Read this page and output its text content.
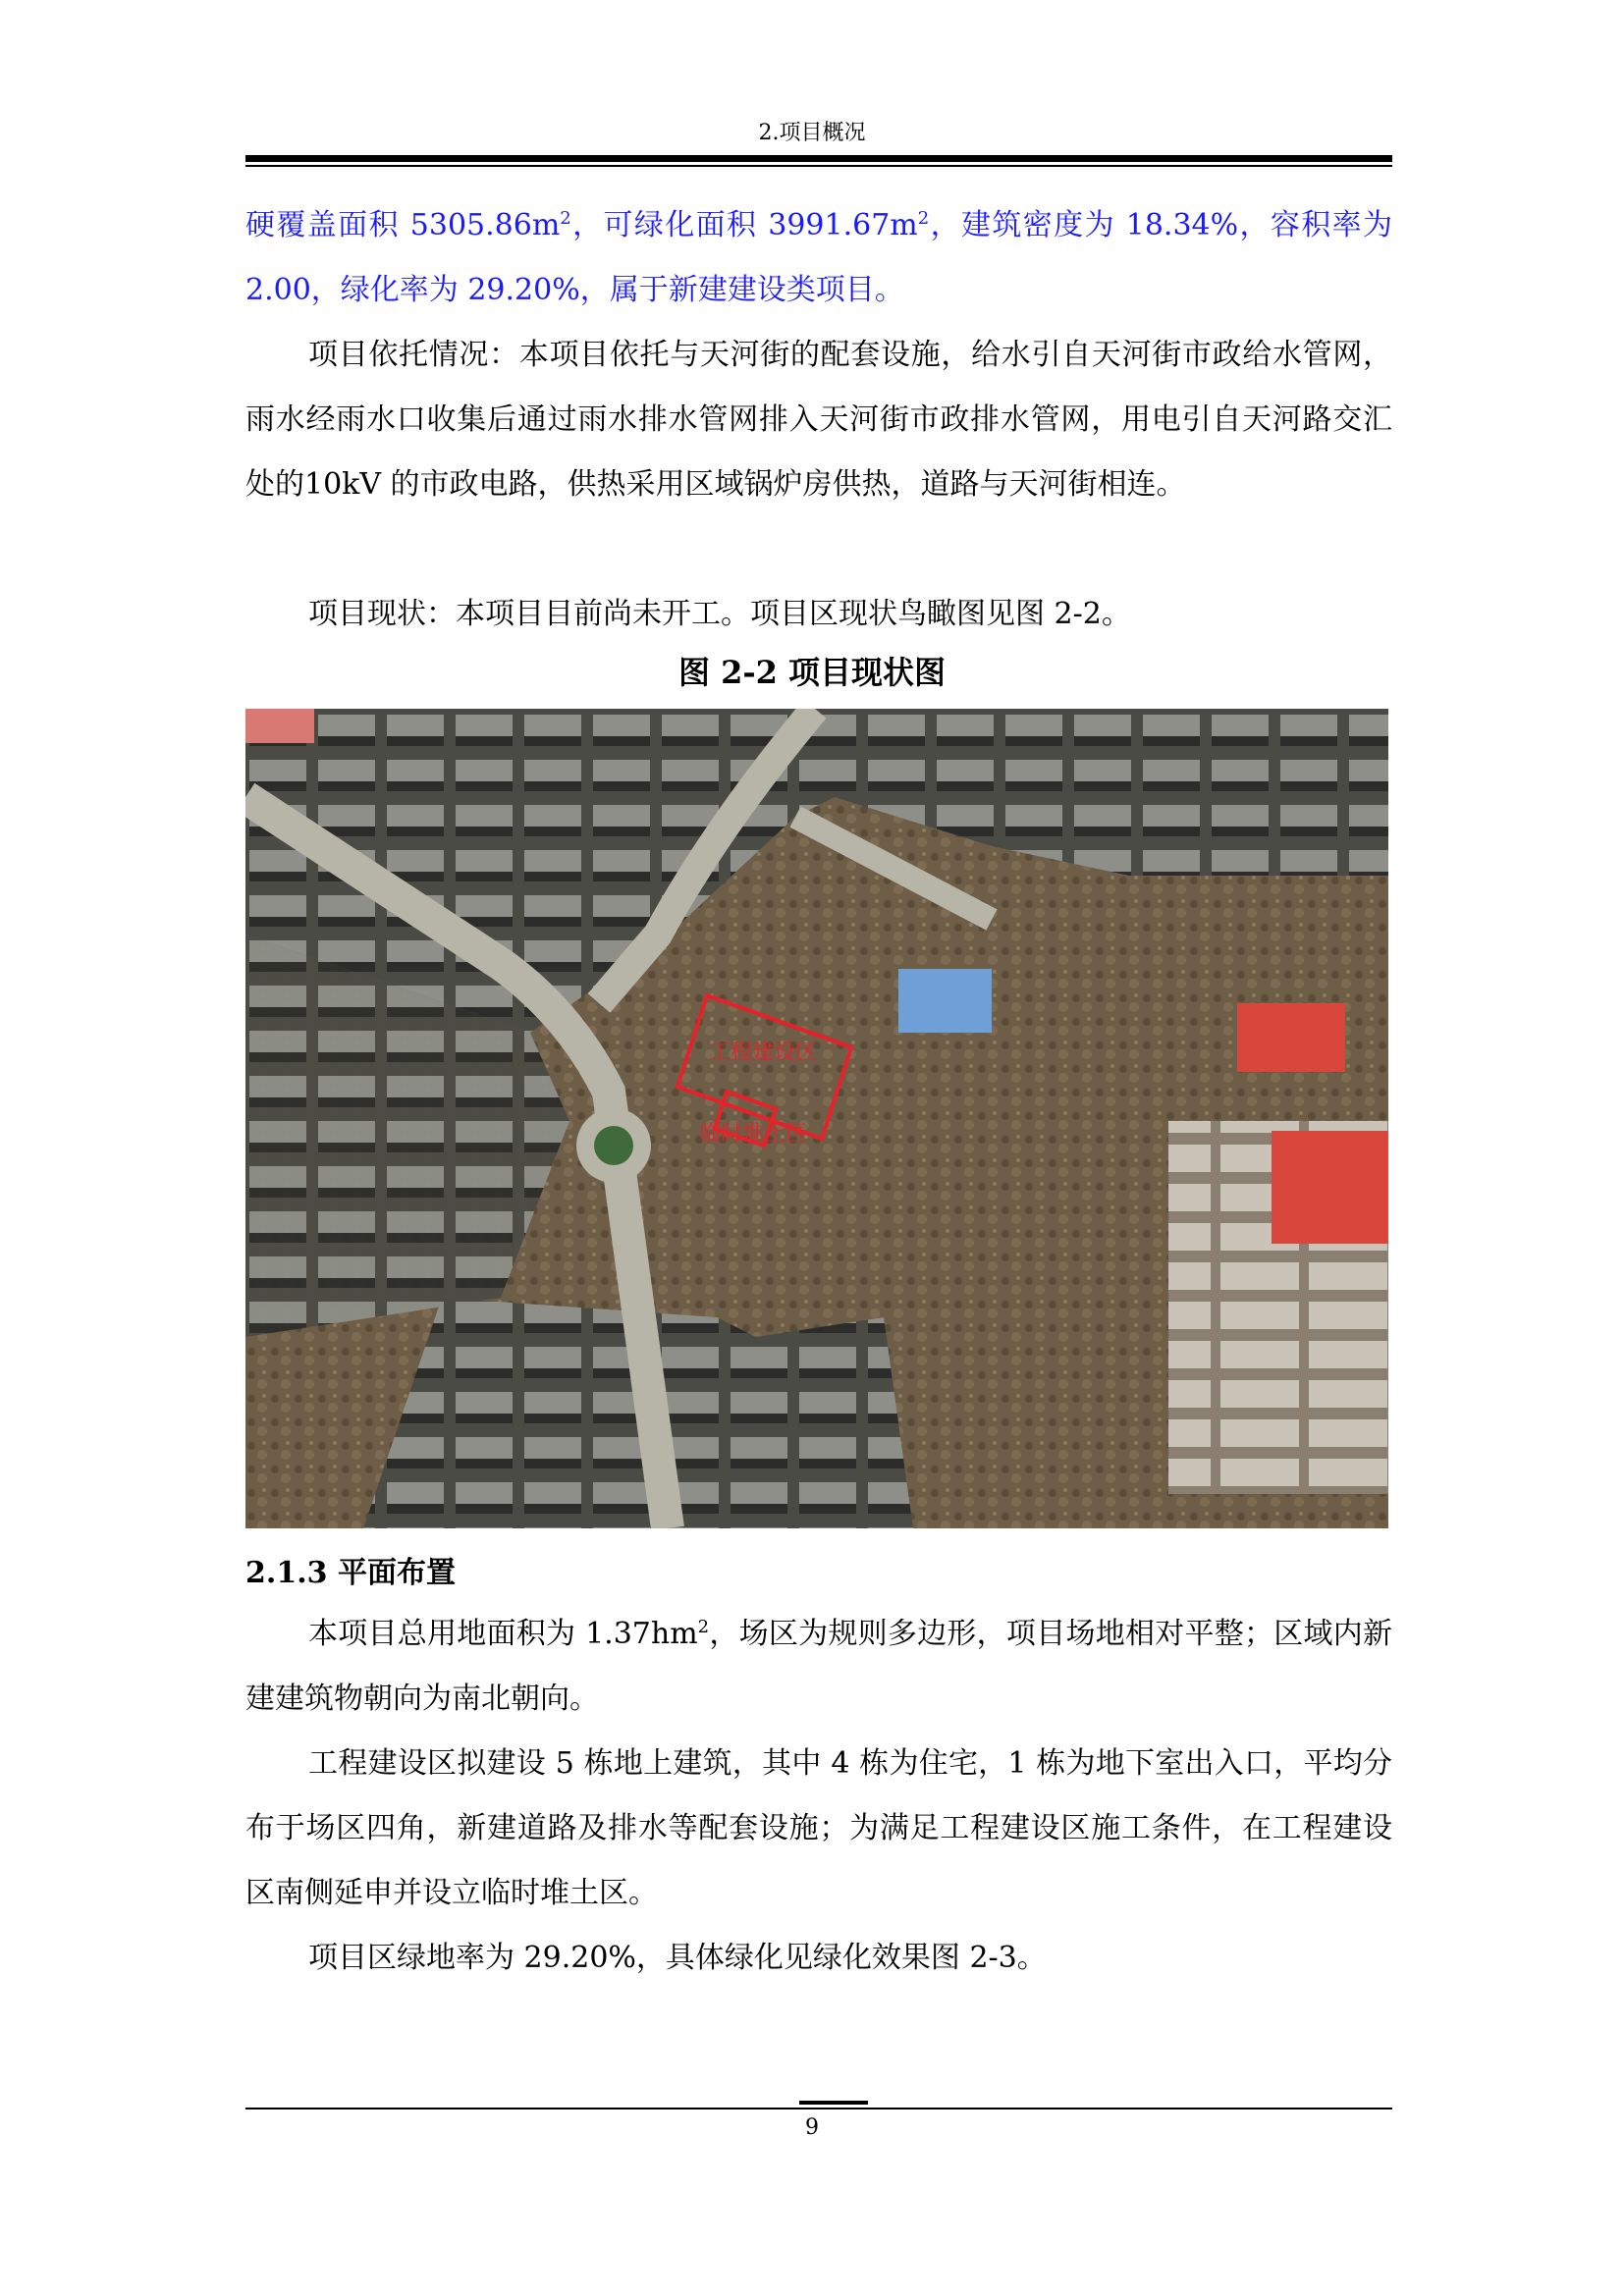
2.项目概况
硬覆盖面积 $5305.86m^2$，可绿化面积 $3991.67m^2$，建筑密度为 18.34%，容积率为 2.00，绿化率为 29.20%，属于新建建设类项目。
项目依托情况：本项目依托与天河街的配套设施，给水引自天河街市政给水管网，雨水经雨水口收集后通过雨水排水管网排入天河街市政排水管网，用电引自天河路交汇处的10kV 的市政电路，供热采用区域锅炉房供热，道路与天河街相连。
项目现状：本项目目前尚未开工。项目区现状鸟瞰图见图 2-2。
图 2-2 项目现状图
工程建设区
临时堆土区
2.1.3 平面布置
本项目总用地面积为 $1.37hm^2$，场区为规则多边形，项目场地相对平整；区域内新建建筑物朝向为南北朝向。
工程建设区拟建设 5 栋地上建筑，其中 4 栋为住宅，1 栋为地下室出入口，平均分布于场区四角，新建道路及排水等配套设施；为满足工程建设区施工条件，在工程建设区南侧延申并设立临时堆土区。
项目区绿地率为 29.20%，具体绿化见绿化效果图 2-3。
9
